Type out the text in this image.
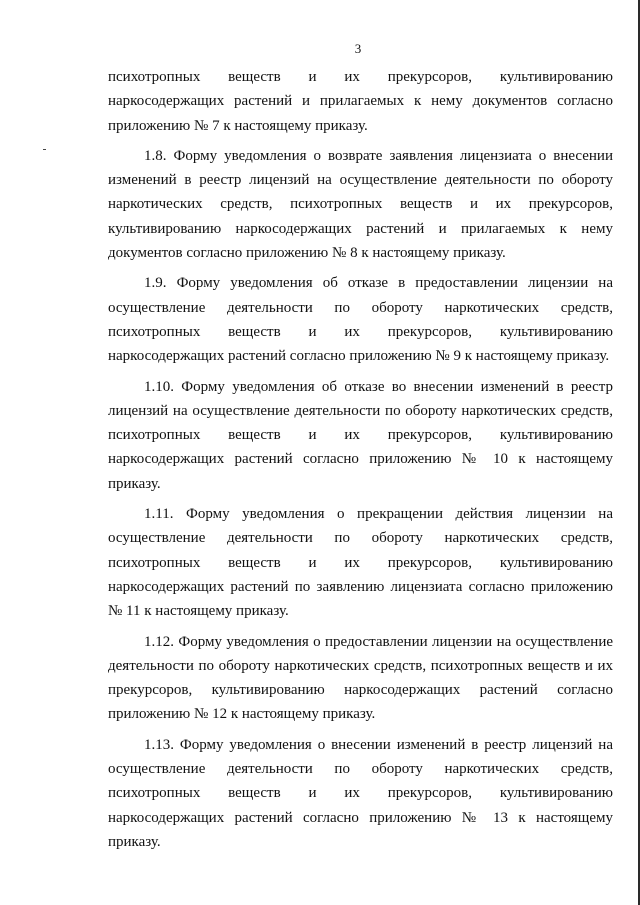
3
психотропных веществ и их прекурсоров, культивированию
наркосодержащих растений и прилагаемых к нему документов согласно
приложению № 7 к настоящему приказу.
1.8. Форму уведомления о возврате заявления лицензиата о внесении
изменений в реестр лицензий на осуществление деятельности по обороту
наркотических средств, психотропных веществ и их прекурсоров,
культивированию наркосодержащих растений и прилагаемых к нему
документов согласно приложению № 8 к настоящему приказу.
1.9. Форму уведомления об отказе в предоставлении лицензии на
осуществление деятельности по обороту наркотических средств,
психотропных веществ и их прекурсоров, культивированию
наркосодержащих растений согласно приложению № 9 к настоящему приказу.
1.10. Форму уведомления об отказе во внесении изменений в реестр
лицензий на осуществление деятельности по обороту наркотических средств,
психотропных веществ и их прекурсоров, культивированию
наркосодержащих растений согласно приложению № 10 к настоящему
приказу.
1.11. Форму уведомления о прекращении действия лицензии на
осуществление деятельности по обороту наркотических средств,
психотропных веществ и их прекурсоров, культивированию
наркосодержащих растений по заявлению лицензиата согласно приложению
№ 11 к настоящему приказу.
1.12. Форму уведомления о предоставлении лицензии на осуществление
деятельности по обороту наркотических средств, психотропных веществ и их
прекурсоров, культивированию наркосодержащих растений согласно
приложению № 12 к настоящему приказу.
1.13. Форму уведомления о внесении изменений в реестр лицензий на
осуществление деятельности по обороту наркотических средств,
психотропных веществ и их прекурсоров, культивированию
наркосодержащих растений согласно приложению № 13 к настоящему
приказу.
